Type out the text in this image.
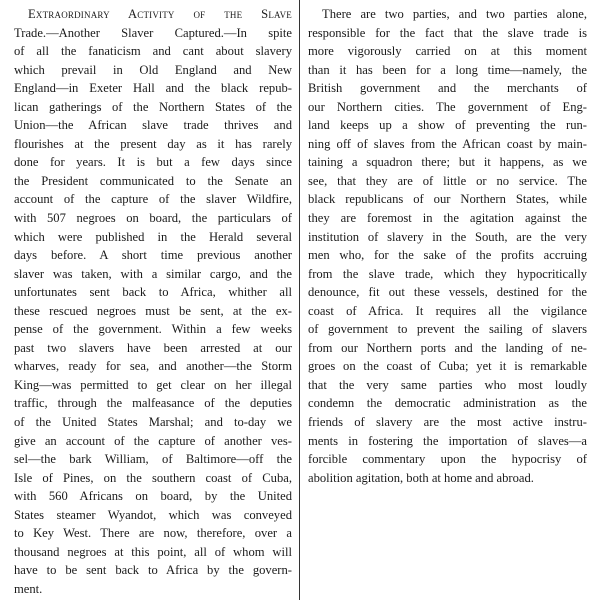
Extraordinary Activity of the Slave
Trade.—Another Slaver Captured.—In spite
of all the fanaticism and cant about slavery
which prevail in Old England and New
England—in Exeter Hall and the black repub-
lican gatherings of the Northern States of the
Union—the African slave trade thrives and
flourishes at the present day as it has rarely
done for years. It is but a few days since
the President communicated to the Senate an
account of the capture of the slaver Wildfire,
with 507 negroes on board, the particulars of
which were published in the Herald several
days before. A short time previous another
slaver was taken, with a similar cargo, and the
unfortunates sent back to Africa, whither all
these rescued negroes must be sent, at the ex-
pense of the government. Within a few weeks
past two slavers have been arrested at our
wharves, ready for sea, and another—the Storm
King—was permitted to get clear on her illegal
traffic, through the malfeasance of the deputies
of the United States Marshal; and to-day we
give an account of the capture of another ves-
sel—the bark William, of Baltimore—off the
Isle of Pines, on the southern coast of Cuba,
with 560 Africans on board, by the United
States steamer Wyandot, which was conveyed
to Key West. There are now, therefore, over a
thousand negroes at this point, all of whom will
have to be sent back to Africa by the govern-
ment.
There are two parties, and two parties alone,
responsible for the fact that the slave trade is
more vigorously carried on at this moment
than it has been for a long time—namely, the
British government and the merchants of
our Northern cities. The government of Eng-
land keeps up a show of preventing the run-
ning off of slaves from the African coast by main-
taining a squadron there; but it happens, as we
see, that they are of little or no service. The
black republicans of our Northern States, while
they are foremost in the agitation against the
institution of slavery in the South, are the very
men who, for the sake of the profits accruing
from the slave trade, which they hypocritically
denounce, fit out these vessels, destined for the
coast of Africa. It requires all the vigilance
of government to prevent the sailing of slavers
from our Northern ports and the landing of ne-
groes on the coast of Cuba; yet it is remarkable
that the very same parties who most loudly
condemn the democratic administration as the
friends of slavery are the most active instru-
ments in fostering the importation of slaves—a
forcible commentary upon the hypocrisy of
abolition agitation, both at home and abroad.
